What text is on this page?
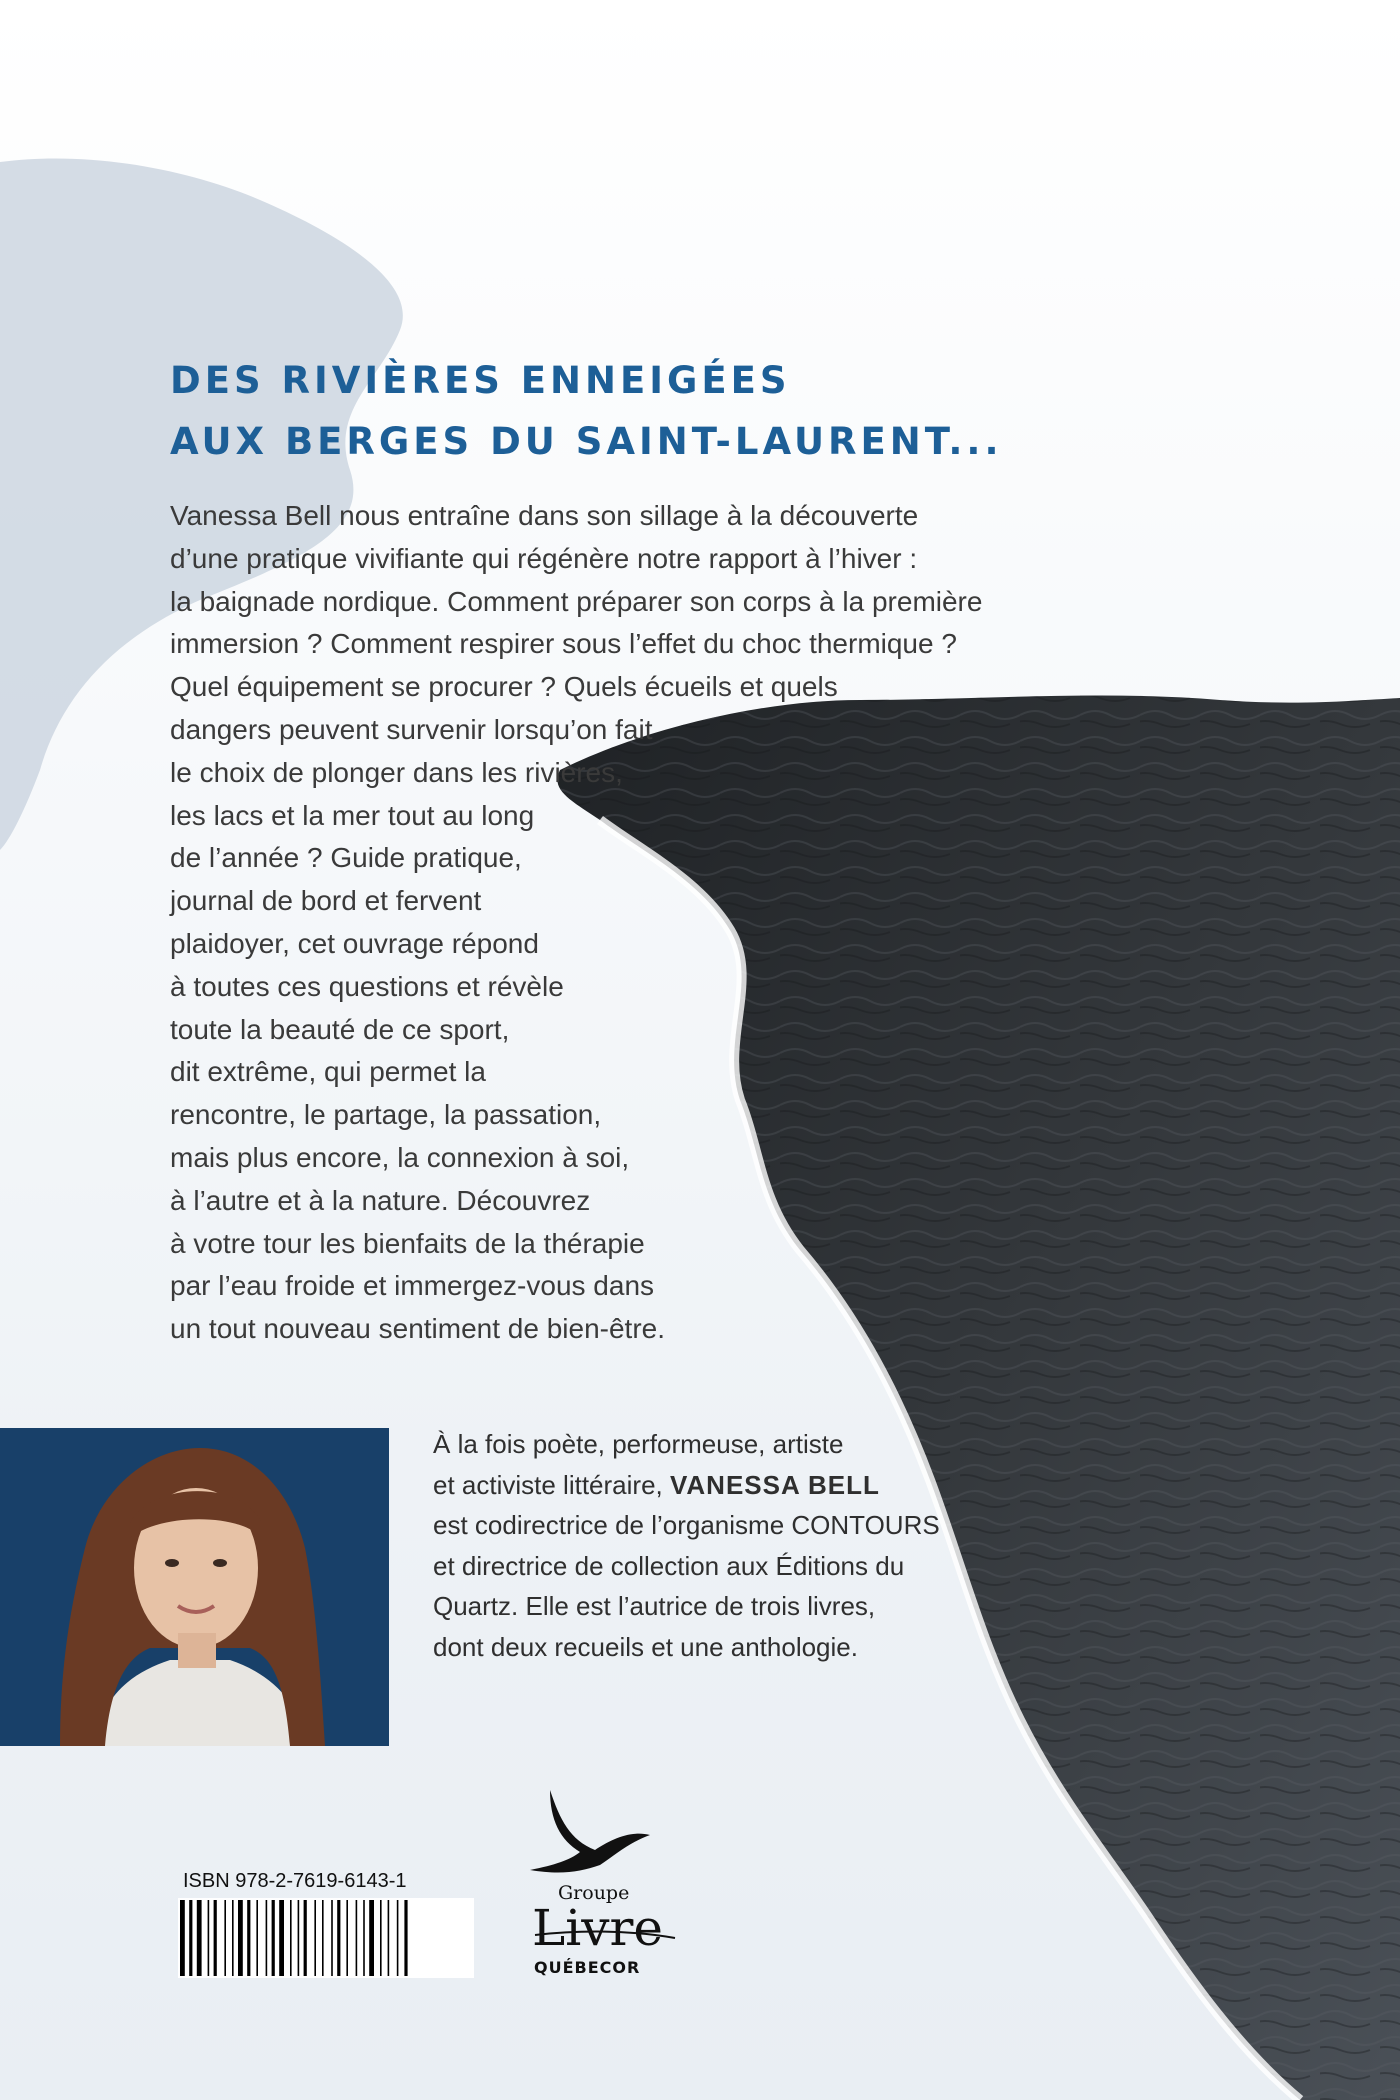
DES RIVIÈRES ENNEIGÉES
AUX BERGES DU SAINT-LAURENT...

Vanessa Bell nous entraîne dans son sillage à la découverte
d’une pratique vivifiante qui régénère notre rapport à l’hiver :
la baignade nordique. Comment préparer son corps à la première
immersion ? Comment respirer sous l’effet du choc thermique ?
Quel équipement se procurer ? Quels écueils et quels
dangers peuvent survenir lorsqu’on fait
le choix de plonger dans les rivières,
les lacs et la mer tout au long
de l’année ? Guide pratique,
journal de bord et fervent
plaidoyer, cet ouvrage répond
à toutes ces questions et révèle
toute la beauté de ce sport,
dit extrême, qui permet la
rencontre, le partage, la passation,
mais plus encore, la connexion à soi,
à l’autre et à la nature. Découvrez
à votre tour les bienfaits de la thérapie
par l’eau froide et immergez-vous dans
un tout nouveau sentiment de bien-être.

À la fois poète, performeuse, artiste
et activiste littéraire, VANESSA BELL
est codirectrice de l’organisme CONTOURS
et directrice de collection aux Éditions du
Quartz. Elle est l’autrice de trois livres,
dont deux recueils et une anthologie.

ISBN 978-2-7619-6143-1

Groupe

Livre

QUÉBECOR
